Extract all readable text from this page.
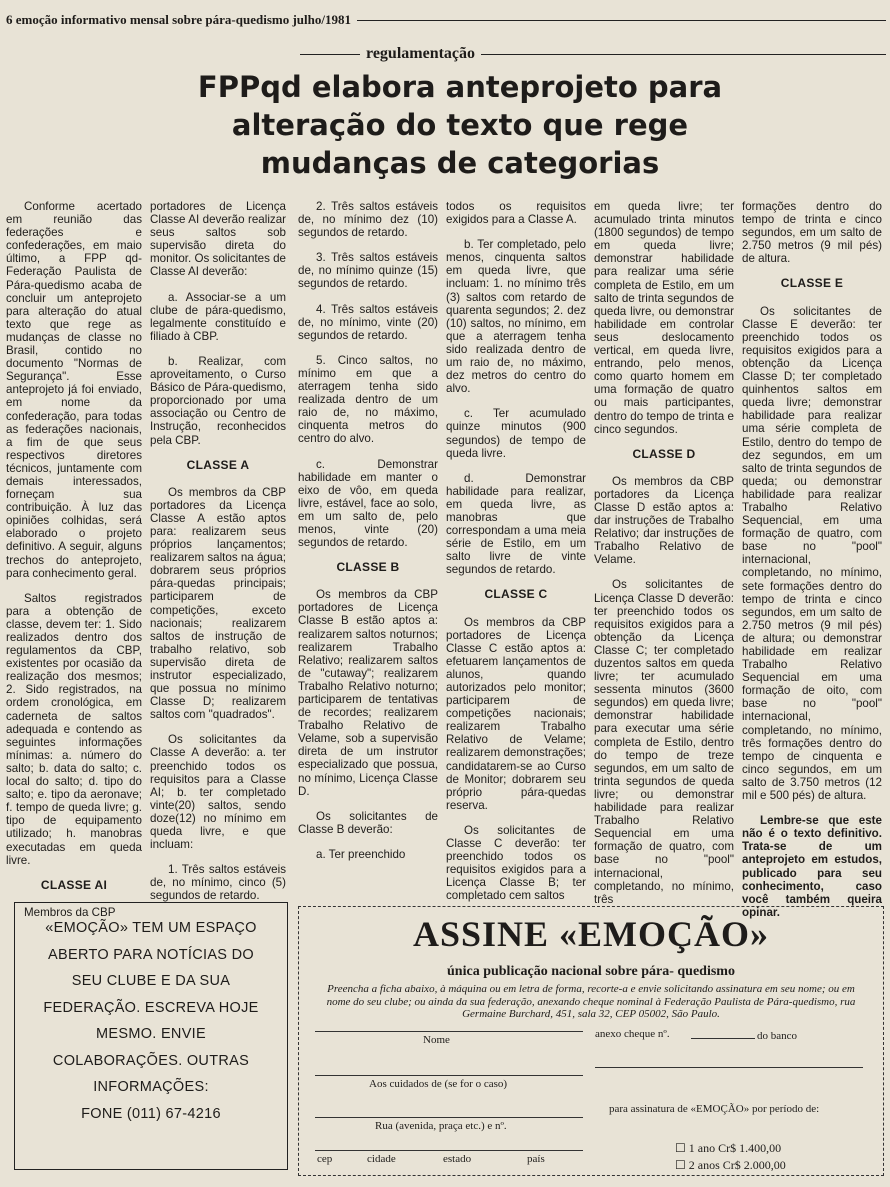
6 emoção informativo mensal sobre pára-quedismo julho/1981
regulamentação
FPPqd elabora anteprojeto para alteração do texto que rege mudanças de categorias

Conforme acertado em reunião das federações e confederações, em maio último, a FPP qd-Federação Paulista de Pára-quedismo acaba de concluir um anteprojeto para alteração do atual texto que rege as mudanças de classe no Brasil, contido no documento "Normas de Segurança". Esse anteprojeto já foi enviado, em nome da confederação, para todas as federações nacionais, a fim de que seus respectivos diretores técnicos, juntamente com demais interessados, forneçam sua contribuição. À luz das opiniões colhidas, será elaborado o projeto definitivo. A seguir, alguns trechos do anteprojeto, para conhecimento geral.

Saltos registrados para a obtenção de classe, devem ter: 1. Sido realizados dentro dos regulamentos da CBP, existentes por ocasião da realização dos mesmos; 2. Sido registrados, na ordem cronológica, em caderneta de saltos adequada e contendo as seguintes informações mínimas: a. número do salto; b. data do salto; c. local do salto; d. tipo do salto; e. tipo da aeronave; f. tempo de queda livre; g. tipo de equipamento utilizado; h. manobras executadas em queda livre.

CLASSE AI

Membros da CBP

portadores de Licença Classe AI deverão realizar seus saltos sob supervisão direta do monitor. Os solicitantes de Classe AI deverão:

a. Associar-se a um clube de pára-quedismo, legalmente constituído e filiado à CBP.

b. Realizar, com aproveitamento, o Curso Básico de Pára-quedismo, proporcionado por uma associação ou Centro de Instrução, reconhecidos pela CBP.

CLASSE A

Os membros da CBP portadores da Licença Classe A estão aptos para: realizarem seus próprios lançamentos; realizarem saltos na água; dobrarem seus próprios pára-quedas principais; participarem de competições, exceto nacionais; realizarem saltos de instrução de trabalho relativo, sob supervisão direta de instrutor especializado, que possua no mínimo Classe D; realizarem saltos com "quadrados".

Os solicitantes da Classe A deverão: a. ter preenchido todos os requisitos para a Classe AI; b. ter completado vinte(20) saltos, sendo doze(12) no mínimo em queda livre, e que incluam:

1. Três saltos estáveis de, no mínimo, cinco (5) segundos de retardo.

2. Três saltos estáveis de, no mínimo dez (10) segundos de retardo.

3. Três saltos estáveis de, no mínimo quinze (15) segundos de retardo.

4. Três saltos estáveis de, no mínimo, vinte (20) segundos de retardo.

5. Cinco saltos, no mínimo em que a aterragem tenha sido realizada dentro de um raio de, no máximo, cinquenta metros do centro do alvo.

c. Demonstrar habilidade em manter o eixo de vôo, em queda livre, estável, face ao solo, em um salto de, pelo menos, vinte (20) segundos de retardo.

CLASSE B

Os membros da CBP portadores de Licença Classe B estão aptos a: realizarem saltos noturnos; realizarem Trabalho Relativo; realizarem saltos de "cutaway"; realizarem Trabalho Relativo noturno; participarem de tentativas de recordes; realizarem Trabalho Relativo de Velame, sob a supervisão direta de um instrutor especializado que possua, no mínimo, Licença Classe D.

Os solicitantes de Classe B deverão:

a. Ter preenchido

todos os requisitos exigidos para a Classe A.

b. Ter completado, pelo menos, cinquenta saltos em queda livre, que incluam: 1. no mínimo três (3) saltos com retardo de quarenta segundos; 2. dez (10) saltos, no mínimo, em que a aterragem tenha sido realizada dentro de um raio de, no máximo, dez metros do centro do alvo.

c. Ter acumulado quinze minutos (900 segundos) de tempo de queda livre.

d. Demonstrar habilidade para realizar, em queda livre, as manobras que correspondam a uma meia série de Estilo, em um salto livre de vinte segundos de retardo.

CLASSE C

Os membros da CBP portadores de Licença Classe C estão aptos a: efetuarem lançamentos de alunos, quando autorizados pelo monitor; participarem de competições nacionais; realizarem Trabalho Relativo de Velame; realizarem demonstrações; candidatarem-se ao Curso de Monitor; dobrarem seu próprio pára-quedas reserva.

Os solicitantes de Classe C deverão: ter preenchido todos os requisitos exigidos para a Licença Classe B; ter completado cem saltos

em queda livre; ter acumulado trinta minutos (1800 segundos) de tempo em queda livre; demonstrar habilidade para realizar uma série completa de Estilo, em um salto de trinta segundos de queda livre, ou demonstrar habilidade em controlar seus deslocamento vertical, em queda livre, entrando, pelo menos, como quarto homem em uma formação de quatro ou mais participantes, dentro do tempo de trinta e cinco segundos.

CLASSE D

Os membros da CBP portadores da Licença Classe D estão aptos a: dar instruções de Trabalho Relativo; dar instruções de Trabalho Relativo de Velame.

Os solicitantes de Licença Classe D deverão: ter preenchido todos os requisitos exigidos para a obtenção da Licença Classe C; ter completado duzentos saltos em queda livre; ter acumulado sessenta minutos (3600 segundos) em queda livre; demonstrar habilidade para executar uma série completa de Estilo, dentro do tempo de treze segundos, em um salto de trinta segundos de queda livre; ou demonstrar habilidade para realizar Trabalho Relativo Sequencial em uma formação de quatro, com base no "pool" internacional, completando, no mínimo, três

formações dentro do tempo de trinta e cinco segundos, em um salto de 2.750 metros (9 mil pés) de altura.

CLASSE E

Os solicitantes de Classe E deverão: ter preenchido todos os requisitos exigidos para a obtenção da Licença Classe D; ter completado quinhentos saltos em queda livre; demonstrar habilidade para realizar uma série completa de Estilo, dentro do tempo de dez segundos, em um salto de trinta segundos de queda; ou demonstrar habilidade para realizar Trabalho Relativo Sequencial, em uma formação de quatro, com base no "pool" internacional, completando, no mínimo, sete formações dentro do tempo de trinta e cinco segundos, em um salto de 2.750 metros (9 mil pés) de altura; ou demonstrar habilidade em realizar Trabalho Relativo Sequencial em uma formação de oito, com base no "pool" internacional, completando, no mínimo, três formações dentro do tempo de cinquenta e cinco segundos, em um salto de 3.750 metros (12 mil e 500 pés) de altura.

Lembre-se que este não é o texto definitivo. Trata-se de um anteprojeto em estudos, publicado para seu conhecimento, caso você também queira opinar.

«EMOÇÃO» TEM UM ESPAÇO
ABERTO PARA NOTÍCIAS DO
SEU CLUBE E DA SUA
FEDERAÇÃO. ESCREVA HOJE
MESMO. ENVIE
COLABORAÇÕES. OUTRAS
INFORMAÇÕES:
FONE (011) 67-4216
ASSINE «EMOÇÃO»
única publicação nacional sobre pára- quedismo
Preencha a ficha abaixo, à máquina ou em letra de forma, recorte-a e envie solicitando assinatura em seu nome; ou em nome do seu clube; ou ainda da sua federação, anexando cheque nominal à Federação Paulista de Pára-quedismo, rua Germaine Burchard, 451, sala 32, CEP 05002, São Paulo.
Nome	anexo cheque nº.	do banco
Aos cuidados de (se for o caso)
para assinatura de «EMOÇÃO» por período de:
Rua (avenida, praça etc.) e nº.
cep	cidade	estado	país
☐ 1 ano Cr$ 1.400,00
☐ 2 anos Cr$ 2.000,00
